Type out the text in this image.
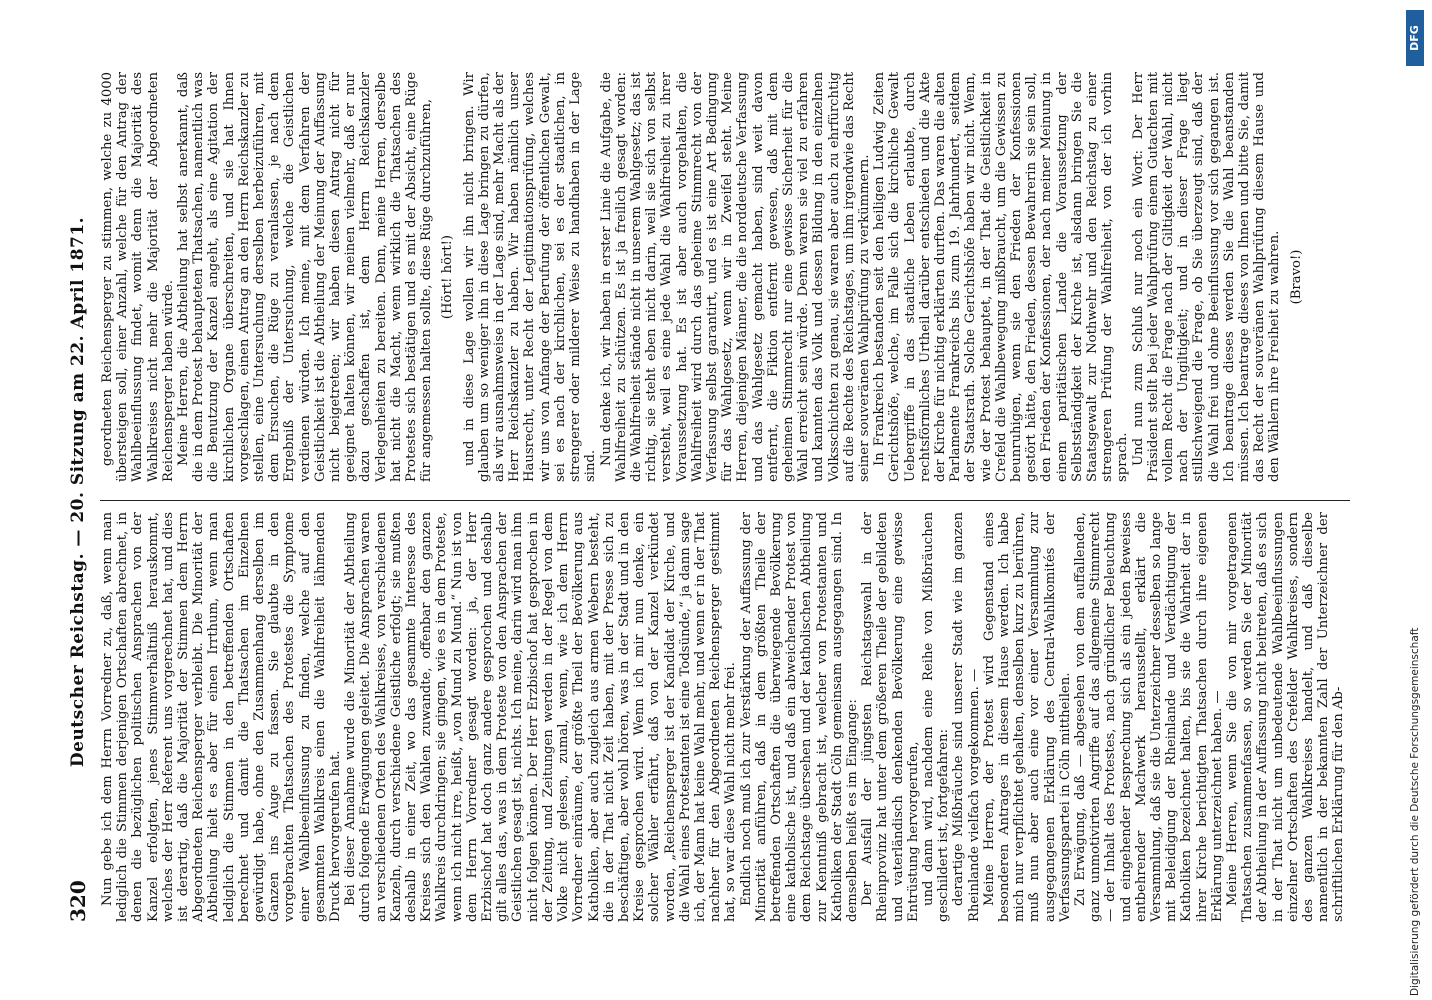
320
Deutscher Reichstag. — 20. Sitzung am 22. April 1871. Nun gebe ich dem Herrn Vorredner zu, daß, wenn man lediglich die Stimmen derjenigen Ortschaften abrechnet, in denen die bezüglichen politischen Ansprachen von der Kanzel erfolgten, jenes Stimmverhältniß herauskommt, welches der Herr Referent uns vorgerechnet hat, und dies ist derartig, daß die Majorität der Stimmen dem Herrn Abgeordneten Reichensperger verbleibt. Die Minorität der Abtheilung hielt es aber für einen Irrthum, wenn man lediglich die Stimmen in den betreffenden Ortschaften berechnet und damit die Thatsachen im Einzelnen gewürdigt habe, ohne den Zusammenhang derselben im Ganzen ins Auge zu fassen. Sie glaubte in den vorgebrachten Thatsachen des Protestes die Symptome einer Wahlbeeinflussung zu finden, welche auf den gesammten Wahlkreis einen die Wahlfreiheit lähmenden Druck hervorgerufen hat. Bei dieser Annahme wurde die Minorität der Abtheilung durch folgende Erwägungen geleitet. Die Ansprachen waren an verschiedenen Orten des Wahlkreises, von verschiedenen Kanzeln, durch verschiedene Geistliche erfolgt; sie mußten deshalb in einer Zeit, wo das gesammte Interesse des Kreises sich den Wahlen zuwandte, offenbar den ganzen Wahlkreis durchdringen; sie gingen, wie es in dem Proteste, wenn ich nicht irre, heißt, „von Mund zu Mund.“ Nun ist von dem Herrn Vorredner gesagt worden: ja, der Herr Erzbischof hat doch ganz andere gesprochen und deshalb gilt alles das, was in dem Proteste von den Ansprachen der Geistlichen gesagt ist, nichts. Ich meine, darin wird man ihm nicht folgen können. Der Herr Erzbischof hat gesprochen in der Zeitung, und Zeitungen werden in der Regel von dem Volke nicht gelesen, zumal, wenn, wie ich dem Herrn Vorredner einräume, der größte Theil der Bevölkerung aus Katholiken, aber auch zugleich aus armen Webern besteht, die in der That nicht Zeit haben, mit der Presse sich zu beschäftigen, aber wohl hören, was in der Stadt und in den Kreise gesprochen wird. Wenn ich mir nun denke, ein solcher Wähler erfährt, daß von der Kanzel verkündet worden, „Reichensperger ist der Kandidat der Kirche, und die Wahl eines Protestanten ist eine Todsünde,“ ja dann sage ich, der Mann hat keine Wahl mehr, und wenn er in der That nachher für den Abgeordneten Reichensperger gestimmt hat, so war diese Wahl nicht mehr frei. Endlich noch muß ich zur Verstärkung der Auffassung der Minorität anführen, daß in dem größten Theile der betreffenden Ortschaften die überwiegende Bevölkerung eine katholische ist, und daß ein abweichender Protest von dem Reichstage übersehen und der katholischen Abtheilung zur Kenntniß gebracht ist, welcher von Protestanten und Katholiken der Stadt Cöln gemeinsam ausgegangen sind. In demselben heißt es im Eingange: Der Ausfall der jüngsten Reichstagswahl in der Rheinprovinz hat unter dem größeren Theile der gebildeten und vaterländisch denkenden Bevölkerung eine gewisse Entrüstung hervorgerufen, und dann wird, nachdem eine Reihe von Mißbräuchen geschildert ist, fortgefahren: derartige Mißbräuche sind unserer Stadt wie im ganzen Rheinlande vielfach vorgekommen. — Meine Herren, der Protest wird Gegenstand eines besonderen Antrages in diesem Hause werden. Ich habe mich nur verpflichtet gehalten, denselben kurz zu berühren, muß nun aber auch eine vor einer Versammlung zur ausgegangenen Erklärung des Central-Wahlkomités der Verfassungspartei in Cöln mittheilen. Zu Erwägung, daß — abgesehen von dem auffallenden, ganz unmotivirten Angriffe auf das allgemeine Stimmrecht — der Inhalt des Protestes, nach gründlicher Beleuchtung und eingehender Besprechung sich als ein jeden Beweises entbehrender Machwerk herausstellt, erklärt die Versammlung, daß sie die Unterzeichner desselben so lange mit Beleidigung der Rheinlande und Verdächtigung der Katholiken bezeichnet halten, bis sie die Wahrheit der in ihrer Kirche berichtigten Thatsachen durch ihre eigenen Erklärung unterzeichnet haben. — Meine Herren, wenn Sie die von mir vorgetragenen Thatsachen zusammenfassen, so werden Sie der Minorität der Abtheilung in der Auffassung nicht beitreten, daß es sich in der That nicht um unbedeutende Wahlbeeinflussungen einzelner Ortschaften des Crefelder Wahlkreises, sondern des ganzen Wahlkreises handelt, und daß dieselbe namentlich in der bekannten Zahl der Unterzeichner der schriftlichen Erklärung für den Ab-

geordneten Reichensperger zu stimmen, welche zu 4000 übersteigen soll, einer Anzahl, welche für den Antrag der Wahlbeeinflussung findet, womit denn die Majorität des Wahlkreises nicht mehr die Majorität der Abgeordneten Reichensperger haben würde. Meine Herren, die Abtheilung hat selbst anerkannt, daß die in dem Protest behaupteten Thatsachen, namentlich was die Benutzung der Kanzel angeht, als eine Agitation der kirchlichen Organe überschreiten, und sie hat Ihnen vorgeschlagen, einen Antrag an den Herrn Reichskanzler zu stellen, eine Untersuchung derselben herbeizuführen, mit dem Ersuchen, die Rüge zu veranlassen, je nach dem Ergebniß der Untersuchung, welche die Geistlichen verdienen würden. Ich meine, mit dem Verfahren der Geistlichkeit ist die Abtheilung der Meinung der Auffassung nicht beigetreten; wir haben diesen Antrag nicht für geeignet halten können, wir meinen vielmehr, daß er nur dazu geschaffen ist, dem Herrn Reichskanzler Verlegenheiten zu bereiten. Denn, meine Herren, derselbe hat nicht die Macht, wenn wirklich die Thatsachen des Protestes sich bestätigen und es mit der Absicht, eine Rüge für angemessen halten sollte, diese Rüge durchzuführen, (Hört! hört!) und in diese Lage wollen wir ihn nicht bringen. Wir glauben um so weniger ihn in diese Lage bringen zu dürfen, als wir ausnahmsweise in der Lage sind, mehr Macht als der Herr Reichskanzler zu haben. Wir haben nämlich unser Hausrecht, unter Recht der Legitimationsprüfung, welches wir uns von Anfange der Berufung der öffentlichen Gewalt, sei es nach der kirchlichen, sei es der staatlichen, in strengerer oder milderer Weise zu handhaben in der Lage sind. Nun denke ich, wir haben in erster Linie die Aufgabe, die Wahlfreiheit zu schützen. Es ist ja freilich gesagt worden: die Wahlfreiheit stände nicht in unserem Wahlgesetz; das ist richtig, sie steht eben nicht darin, weil sie sich von selbst versteht, weil es eine jede Wahl die Wahlfreiheit zu ihrer Voraussetzung hat. Es ist aber auch vorgehalten, die Wahlfreiheit wird durch das geheime Stimmrecht von der Verfassung selbst garantirt, und es ist eine Art Bedingung für das Wahlgesetz, wenn wir in Zweifel steht. Meine Herren, diejenigen Männer, die die norddeutsche Verfassung und das Wahlgesetz gemacht haben, sind weit davon entfernt, die Fiktion entfernt gewesen, daß mit dem geheimen Stimmrecht nur eine gewisse Sicherheit für die Wahl erreicht sein würde. Denn waren sie viel zu erfahren und kannten das Volk und dessen Bildung in den einzelnen Volksschichten zu genau, sie waren aber auch zu ehrfürchtig auf die Rechte des Reichstages, um ihm irgendwie das Recht seiner souveränen Wahlprüfung zu verkümmern. In Frankreich bestanden seit den heiligen Ludwig Zeiten Gerichtshöfe, welche, im Falle sich die kirchliche Gewalt Uebergriffe in das staatliche Leben erlaubte, durch rechtsförmliches Urtheil darüber entschieden und die Akte der Kirche für nichtig erklärten durften. Das waren die alten Parlamente Frankreichs bis zum 19. Jahrhundert, seitdem der Staatsrath. Solche Gerichtshöfe haben wir nicht. Wenn, wie der Protest behauptet, in der That die Geistlichkeit in Crefeld die Wahlbewegung mißbraucht, um die Gewissen zu beunruhigen, wenn sie den Frieden der Konfessionen gestört hätte, den Frieden, dessen Bewahrerin sie sein soll, den Frieden der Konfessionen, der nach meiner Meinung in einem paritätischen Lande die Voraussetzung der Selbstständigkeit der Kirche ist, alsdann bringen Sie die Staatsgewalt zur Nothwehr und den Reichstag zu einer strengeren Prüfung der Wahlfreiheit, von der ich vorhin sprach. Und nun zum Schluß nur noch ein Wort: Der Herr Präsident stellt bei jeder Wahlprüfung einem Gutachten mit vollem Recht die Frage nach der Giltigkeit der Wahl, nicht nach der Ungiltigkeit; und in dieser Frage liegt stillschweigend die Frage, ob Sie überzeugt sind, daß der die Wahl frei und ohne Beeinflussung vor sich gegangen ist. Ich beantrage dieses werden Sie die Wahl beanstanden müssen. Ich beantrage dieses von Ihnen und bitte Sie, damit das Recht der souveränen Wahlprüfung diesem Hause und den Wählern ihre Freiheit zu wahren. (Bravo!)

DFG
Digitalisierung gefördert durch die Deutsche Forschungsgemeinschaft
